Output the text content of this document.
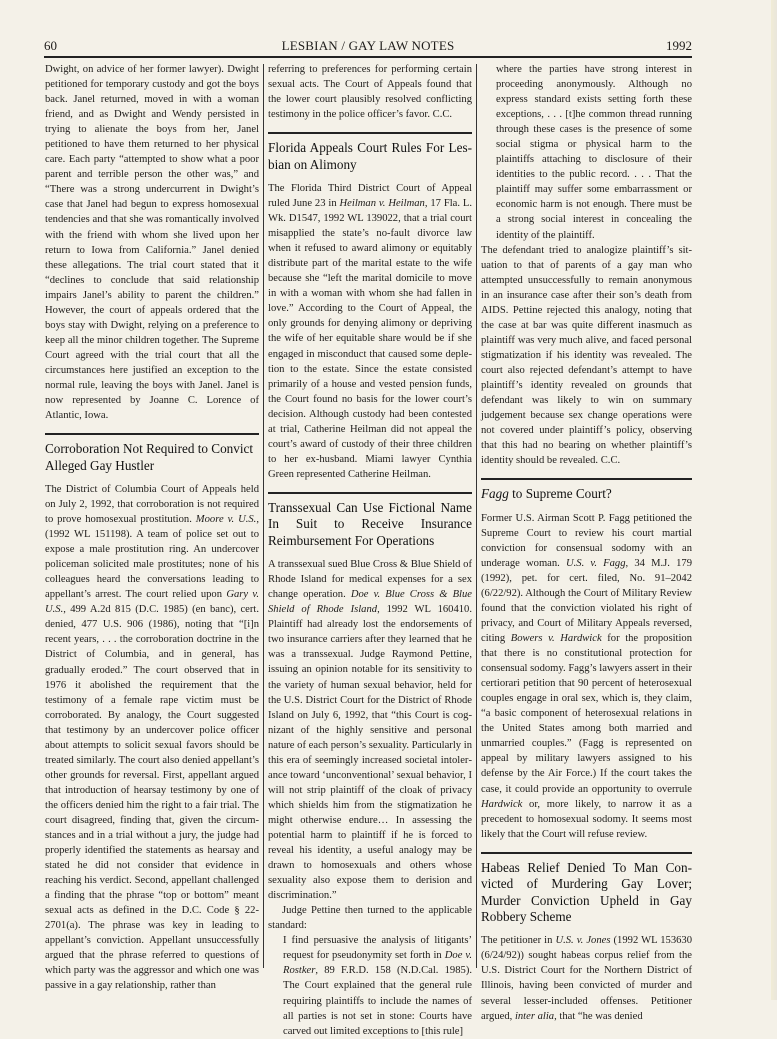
60	LESBIAN / GAY LAW NOTES	1992

Dwight, on advice of her former lawyer). Dwight petitioned for temporary custody and got the boys back. Janel returned, moved in with a woman friend, and as Dwight and Wendy persisted in trying to alienate the boys from her, Janel petitioned to have them returned to her physical care. Each party “attempted to show what a poor parent and terrible person the other was,” and “There was a strong undercurrent in Dwight’s case that Janel had begun to express homosexual tendencies and that she was romantically involved with the friend with whom she lived upon her return to Iowa from California.” Janel denied these allegations. The trial court stated that it “declines to conclude that said relationship impairs Janel’s ability to parent the children.” However, the court of appeals ordered that the boys stay with Dwight, relying on a preference to keep all the minor children together. The Supreme Court agreed with the trial court that all the circumstances here justified an exception to the normal rule, leaving the boys with Janel. Janel is now represented by Joanne C. Lorence of Atlantic, Iowa.

Corroboration Not Required to Convict Alleged Gay Hustler

The District of Columbia Court of Appeals held on July 2, 1992, that corroboration is not required to prove homosexual prostitution. Moore v. U.S., (1992 WL 151198). A team of police set out to expose a male prostitution ring. An undercover policeman solicited male prostitutes; none of his colleagues heard the conversations leading to appellant’s arrest. The court relied upon Gary v. U.S., 499 A.2d 815 (D.C. 1985) (en banc), cert. denied, 477 U.S. 906 (1986), noting that “[i]n recent years, . . . the corroboration doctrine in the District of Columbia, and in general, has gradually eroded.” The court observed that in 1976 it abolished the requirement that the testimony of a female rape victim must be corroborated. By analogy, the Court suggested that testimony by an undercover police officer about attempts to solicit sexual favors should be treated similarly. The court also denied appellant’s other grounds for reversal. First, appellant argued that introduction of hearsay testimony by one of the officers denied him the right to a fair trial. The court disagreed, finding that, given the circumstances and in a trial without a jury, the judge had properly identified the statements as hearsay and stated he did not consider that evidence in reaching his verdict. Second, appellant challenged a finding that the phrase “top or bottom” meant sexual acts as defined in the D.C. Code § 22-2701(a). The phrase was key in leading to appellant’s conviction. Appellant unsuccessfully argued that the phrase referred to questions of which party was the aggressor and which one was passive in a gay relationship, rather than

referring to preferences for performing certain sexual acts. The Court of Appeals found that the lower court plausibly resolved conflicting testimony in the police officer’s favor. C.C.

Florida Appeals Court Rules For Lesbian on Alimony

The Florida Third District Court of Appeal ruled June 23 in Heilman v. Heilman, 17 Fla. L. Wk. D1547, 1992 WL 139022, that a trial court misapplied the state’s no-fault divorce law when it refused to award alimony or equitably distribute part of the marital estate to the wife because she “left the marital domicile to move in with a woman with whom she had fallen in love.” According to the Court of Appeal, the only grounds for denying alimony or depriving the wife of her equitable share would be if she engaged in misconduct that caused some depletion to the estate. Since the estate consisted primarily of a house and vested pension funds, the Court found no basis for the lower court’s decision. Although custody had been contested at trial, Catherine Heilman did not appeal the court’s award of custody of their three children to her ex-husband. Miami lawyer Cynthia Green represented Catherine Heilman.

Transsexual Can Use Fictional Name In Suit to Receive Insurance Reimbursement For Operations

A transsexual sued Blue Cross & Blue Shield of Rhode Island for medical expenses for a sex change operation. Doe v. Blue Cross & Blue Shield of Rhode Island, 1992 WL 160410. Plaintiff had already lost the endorsements of two insurance carriers after they learned that he was a transsexual. Judge Raymond Pettine, issuing an opinion notable for its sensitivity to the variety of human sexual behavior, held for the U.S. District Court for the District of Rhode Island on July 6, 1992, that “this Court is cognizant of the highly sensitive and personal nature of each person’s sexuality. Particularly in this era of seemingly increased societal intolerance toward ‘unconventional’ sexual behavior, I will not strip plaintiff of the cloak of privacy which shields him from the stigmatization he might otherwise endure… In assessing the potential harm to plaintiff if he is forced to reveal his identity, a useful analogy may be drawn to homosexuals and others whose sexuality also expose them to derision and discrimination.”

Judge Pettine then turned to the applicable standard:

I find persuasive the analysis of litigants’ request for pseudonymity set forth in Doe v. Rostker, 89 F.R.D. 158 (N.D.Cal. 1985). The Court explained that the general rule requiring plaintiffs to include the names of all parties is not set in stone: Courts have carved out limited exceptions to [this rule]

where the parties have strong interest in proceeding anonymously. Although no express standard exists setting forth these exceptions, . . . [t]he common thread running through these cases is the presence of some social stigma or physical harm to the plaintiffs attaching to disclosure of their identities to the public record. . . . That the plaintiff may suffer some embarrassment or economic harm is not enough. There must be a strong social interest in concealing the identity of the plaintiff.

The defendant tried to analogize plaintiff’s situation to that of parents of a gay man who attempted unsuccessfully to remain anonymous in an insurance case after their son’s death from AIDS. Pettine rejected this analogy, noting that the case at bar was quite different inasmuch as plaintiff was very much alive, and faced personal stigmatization if his identity was revealed. The court also rejected defendant’s attempt to have plaintiff’s identity revealed on grounds that defendant was likely to win on summary judgement because sex change operations were not covered under plaintiff’s policy, observing that this had no bearing on whether plaintiff’s identity should be revealed. C.C.

Fagg to Supreme Court?

Former U.S. Airman Scott P. Fagg petitioned the Supreme Court to review his court martial conviction for consensual sodomy with an underage woman. U.S. v. Fagg, 34 M.J. 179 (1992), pet. for cert. filed, No. 91–2042 (6/22/92). Although the Court of Military Review found that the conviction violated his right of privacy, and Court of Military Appeals reversed, citing Bowers v. Hardwick for the proposition that there is no constitutional protection for consensual sodomy. Fagg’s lawyers assert in their certiorari petition that 90 percent of heterosexual couples engage in oral sex, which is, they claim, “a basic component of heterosexual relations in the United States among both married and unmarried couples.” (Fagg is represented on appeal by military lawyers assigned to his defense by the Air Force.) If the court takes the case, it could provide an opportunity to overrule Hardwick or, more likely, to narrow it as a precedent to homosexual sodomy. It seems most likely that the Court will refuse review.

Habeas Relief Denied To Man Convicted of Murdering Gay Lover; Murder Conviction Upheld in Gay Robbery Scheme

The petitioner in U.S. v. Jones (1992 WL 153630 (6/24/92)) sought habeas corpus relief from the U.S. District Court for the Northern District of Illinois, having been convicted of murder and several lesser-included offenses. Petitioner argued, inter alia, that “he was denied
